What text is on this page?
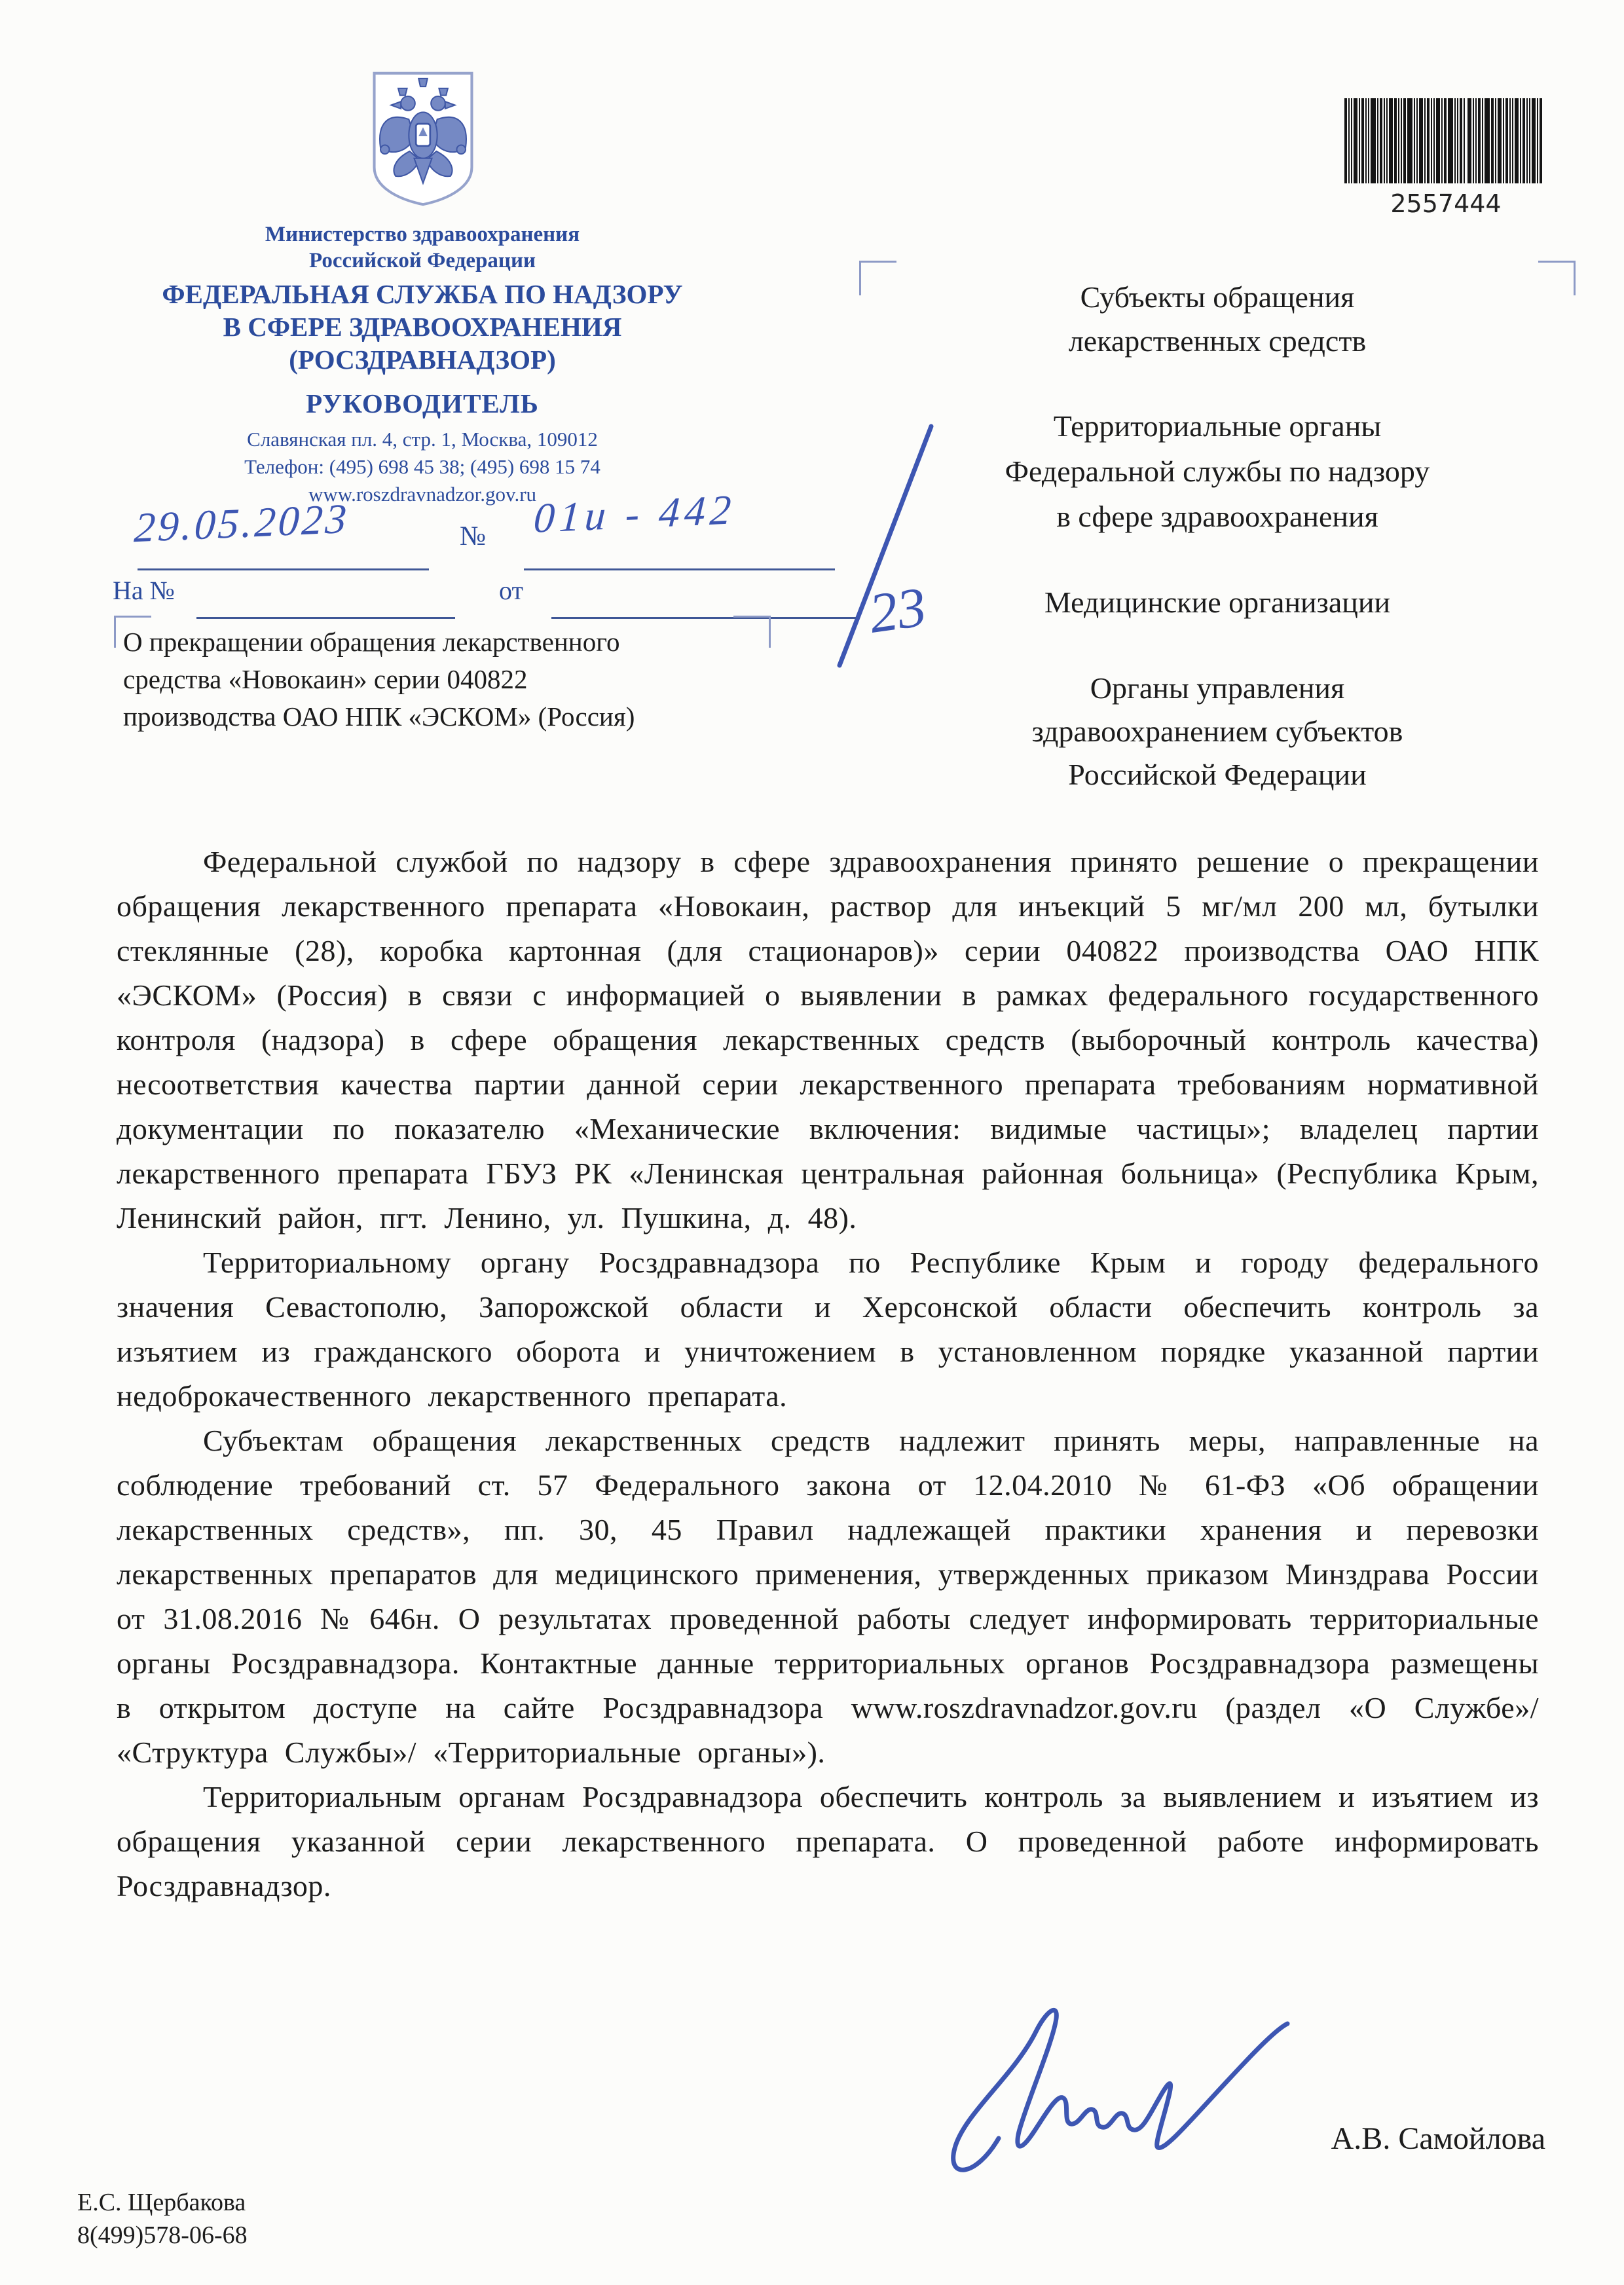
Министерство здравоохранения
Российской Федерации
ФЕДЕРАЛЬНАЯ СЛУЖБА ПО НАДЗОРУ
В СФЕРЕ ЗДРАВООХРАНЕНИЯ
(РОСЗДРАВНАДЗОР)
РУКОВОДИТЕЛЬ
Славянская пл. 4, стр. 1, Москва, 109012
Телефон: (495) 698 45 38; (495) 698 15 74
www.roszdravnadzor.gov.ru
29.05.2023	№ 01и - 442
23
На №	от
О прекращении обращения лекарственного
средства «Новокаин» серии 040822
производства ОАО НПК «ЭСКОМ» (Россия)
2557444
Субъекты обращения
лекарственных средств
Территориальные органы
Федеральной службы по надзору
в сфере здравоохранения
Медицинские организации
Органы управления
здравоохранением субъектов
Российской Федерации

Федеральной службой по надзору в сфере здравоохранения принято решение о прекращении обращения лекарственного препарата «Новокаин, раствор для инъекций 5 мг/мл 200 мл, бутылки стеклянные (28), коробка картонная (для стационаров)» серии 040822 производства ОАО НПК «ЭСКОМ» (Россия) в связи с информацией о выявлении в рамках федерального государственного контроля (надзора) в сфере обращения лекарственных средств (выборочный контроль качества) несоответствия качества партии данной серии лекарственного препарата требованиям нормативной документации по показателю «Механические включения: видимые частицы»; владелец партии лекарственного препарата ГБУЗ РК «Ленинская центральная районная больница» (Республика Крым, Ленинский район, пгт. Ленино, ул. Пушкина, д. 48).

Территориальному органу Росздравнадзора по Республике Крым и городу федерального значения Севастополю, Запорожской области и Херсонской области обеспечить контроль за изъятием из гражданского оборота и уничтожением в установленном порядке указанной партии недоброкачественного лекарственного препарата.

Субъектам обращения лекарственных средств надлежит принять меры, направленные на соблюдение требований ст. 57 Федерального закона от 12.04.2010 № 61-ФЗ «Об обращении лекарственных средств», пп. 30, 45 Правил надлежащей практики хранения и перевозки лекарственных препаратов для медицинского применения, утвержденных приказом Минздрава России от 31.08.2016 № 646н. О результатах проведенной работы следует информировать территориальные органы Росздравнадзора. Контактные данные территориальных органов Росздравнадзора размещены в открытом доступе на сайте Росздравнадзора www.roszdravnadzor.gov.ru (раздел «О Службе»/ «Структура Службы»/ «Территориальные органы»).

Территориальным органам Росздравнадзора обеспечить контроль за выявлением и изъятием из обращения указанной серии лекарственного препарата. О проведенной работе информировать Росздравнадзор.

А.В. Самойлова
Е.С. Щербакова
8(499)578-06-68
